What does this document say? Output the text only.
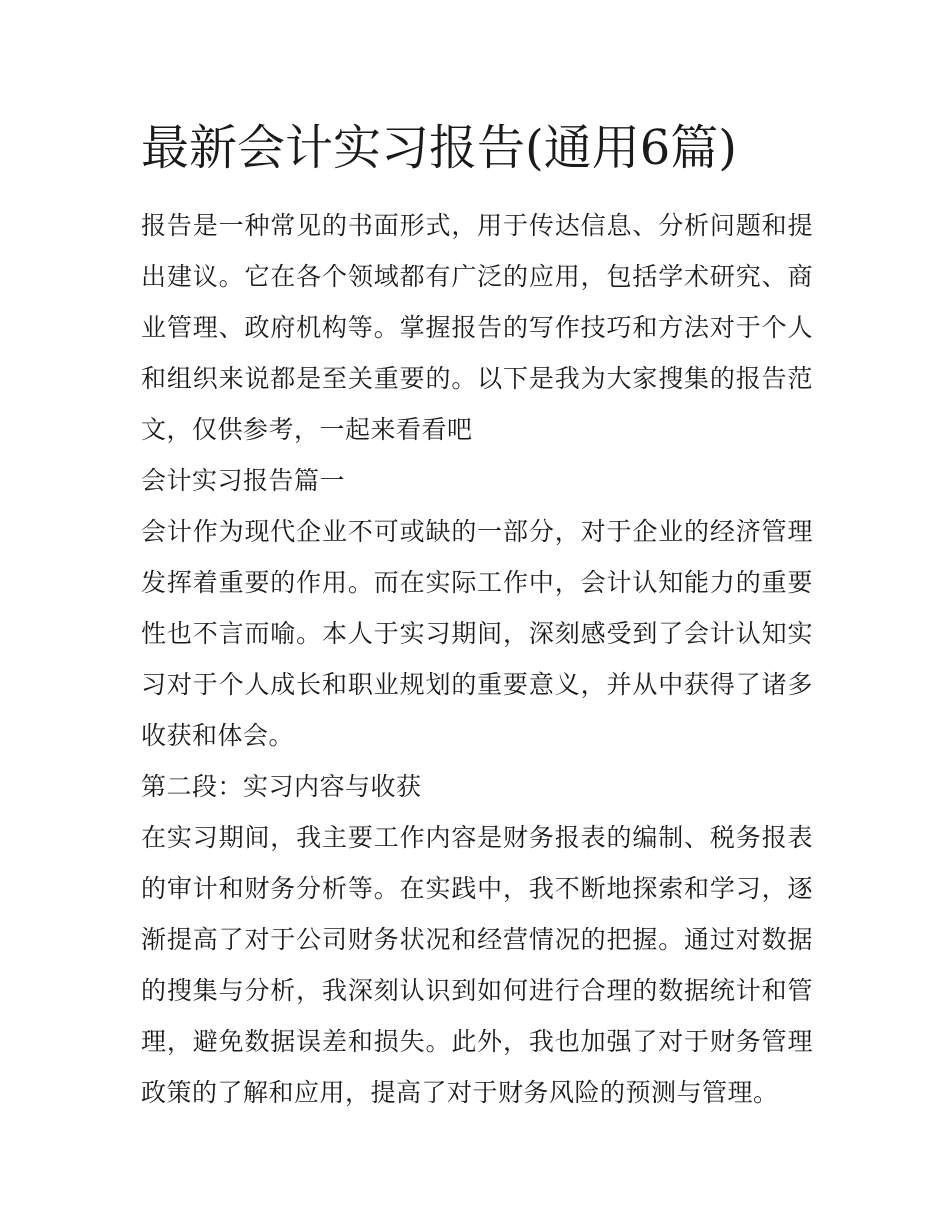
最新会计实习报告(通用6篇)

报告是一种常见的书面形式，用于传达信息、分析问题和提出建议。它在各个领域都有广泛的应用，包括学术研究、商业管理、政府机构等。掌握报告的写作技巧和方法对于个人和组织来说都是至关重要的。以下是我为大家搜集的报告范文，仅供参考，一起来看看吧

会计实习报告篇一

会计作为现代企业不可或缺的一部分，对于企业的经济管理发挥着重要的作用。而在实际工作中，会计认知能力的重要性也不言而喻。本人于实习期间，深刻感受到了会计认知实习对于个人成长和职业规划的重要意义，并从中获得了诸多收获和体会。

第二段：实习内容与收获

在实习期间，我主要工作内容是财务报表的编制、税务报表的审计和财务分析等。在实践中，我不断地探索和学习，逐渐提高了对于公司财务状况和经营情况的把握。通过对数据的搜集与分析，我深刻认识到如何进行合理的数据统计和管理，避免数据误差和损失。此外，我也加强了对于财务管理政策的了解和应用，提高了对于财务风险的预测与管理。
